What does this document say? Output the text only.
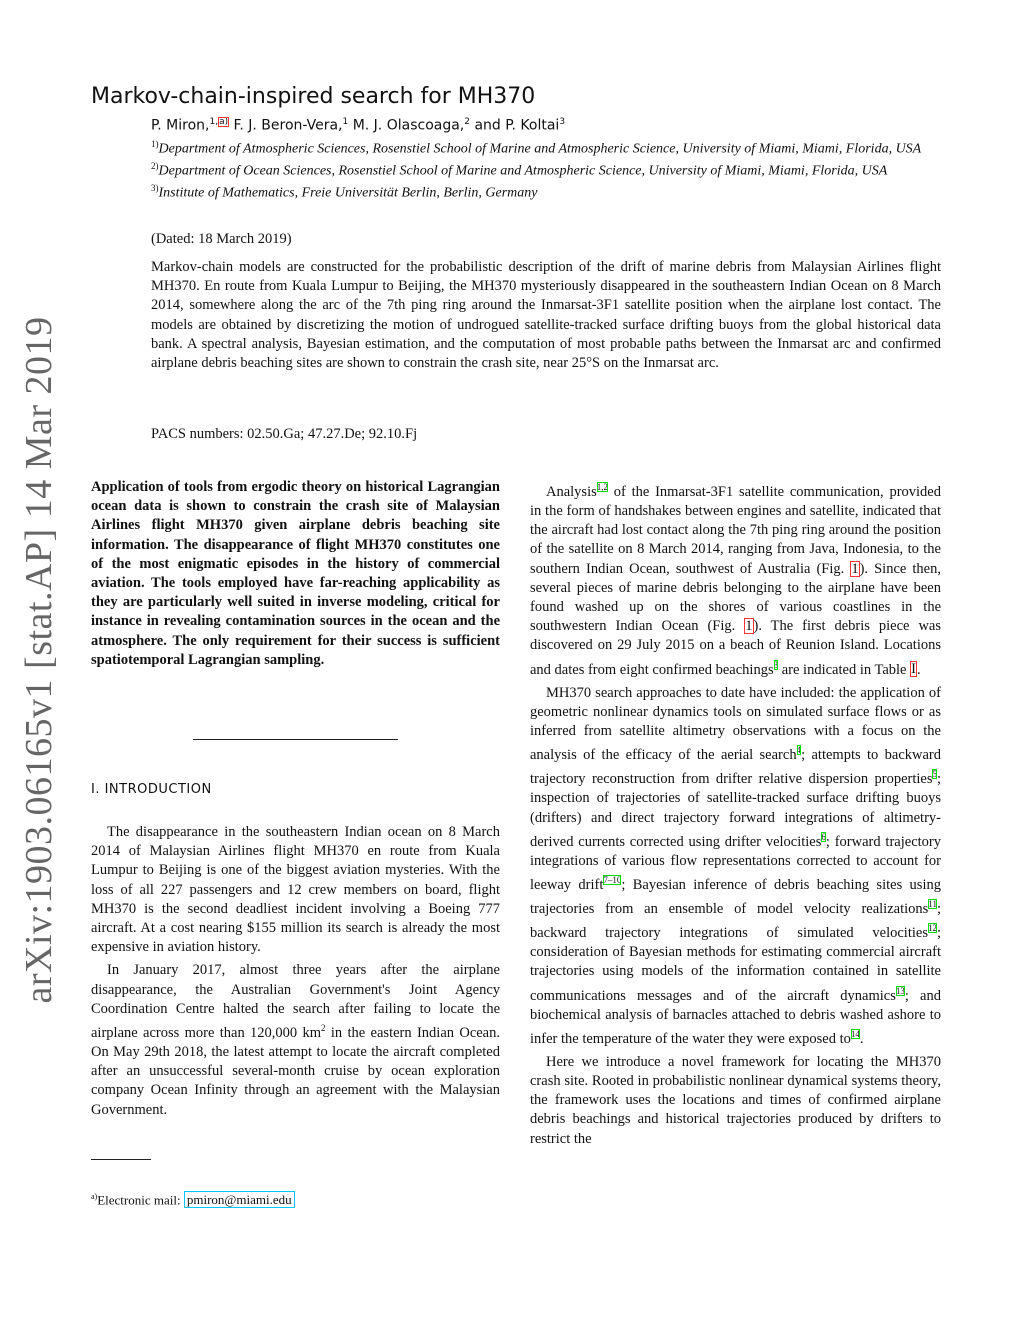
arXiv:1903.06165v1 [stat.AP] 14 Mar 2019
Markov-chain-inspired search for MH370
P. Miron,$^{1,a)}$ F. J. Beron-Vera,$^1$ M. J. Olascoaga,$^2$ and P. Koltai$^3$

$^{1)}$Department of Atmospheric Sciences, Rosenstiel School of Marine and Atmospheric Science, University of Miami, Miami, Florida, USA

$^{2)}$Department of Ocean Sciences, Rosenstiel School of Marine and Atmospheric Science, University of Miami, Miami, Florida, USA

$^{3)}$Institute of Mathematics, Freie Universität Berlin, Berlin, Germany

(Dated: 18 March 2019)

Markov-chain models are constructed for the probabilistic description of the drift of marine debris from Malaysian Airlines flight MH370. En route from Kuala Lumpur to Beijing, the MH370 mysteriously disappeared in the southeastern Indian Ocean on 8 March 2014, somewhere along the arc of the 7th ping ring around the Inmarsat-3F1 satellite position when the airplane lost contact. The models are obtained by discretizing the motion of undrogued satellite-tracked surface drifting buoys from the global historical data bank. A spectral analysis, Bayesian estimation, and the computation of most probable paths between the Inmarsat arc and confirmed airplane debris beaching sites are shown to constrain the crash site, near 25°S on the Inmarsat arc.

PACS numbers: 02.50.Ga; 47.27.De; 92.10.Fj

Application of tools from ergodic theory on historical Lagrangian ocean data is shown to constrain the crash site of Malaysian Airlines flight MH370 given airplane debris beaching site information. The disappearance of flight MH370 constitutes one of the most enigmatic episodes in the history of commercial aviation. The tools employed have far-reaching applicability as they are particularly well suited in inverse modeling, critical for instance in revealing contamination sources in the ocean and the atmosphere. The only requirement for their success is sufficient spatiotemporal Lagrangian sampling.

I. INTRODUCTION

The disappearance in the southeastern Indian ocean on 8 March 2014 of Malaysian Airlines flight MH370 en route from Kuala Lumpur to Beijing is one of the biggest aviation mysteries. With the loss of all 227 passengers and 12 crew members on board, flight MH370 is the second deadliest incident involving a Boeing 777 aircraft. At a cost nearing $155 million its search is already the most expensive in aviation history.

In January 2017, almost three years after the airplane disappearance, the Australian Government's Joint Agency Coordination Centre halted the search after failing to locate the airplane across more than 120,000 $km^2$ in the eastern Indian Ocean. On May 29th 2018, the latest attempt to locate the aircraft completed after an unsuccessful several-month cruise by ocean exploration company Ocean Infinity through an agreement with the Malaysian Government.

$^{a)}$Electronic mail: pmiron@miami.edu

Analysis$^{1,2}$ of the Inmarsat-3F1 satellite communication, provided in the form of handshakes between engines and satellite, indicated that the aircraft had lost contact along the 7th ping ring around the position of the satellite on 8 March 2014, ranging from Java, Indonesia, to the southern Indian Ocean, southwest of Australia (Fig. 1). Since then, several pieces of marine debris belonging to the airplane have been found washed up on the shores of various coastlines in the southwestern Indian Ocean (Fig. 1). The first debris piece was discovered on 29 July 2015 on a beach of Reunion Island. Locations and dates from eight confirmed beachings$^3$ are indicated in Table I.

MH370 search approaches to date have included: the application of geometric nonlinear dynamics tools on simulated surface flows or as inferred from satellite altimetry observations with a focus on the analysis of the efficacy of the aerial search$^4$; attempts to backward trajectory reconstruction from drifter relative dispersion properties$^5$; inspection of trajectories of satellite-tracked surface drifting buoys (drifters) and direct trajectory forward integrations of altimetry-derived currents corrected using drifter velocities$^6$; forward trajectory integrations of various flow representations corrected to account for leeway drift$^{7-10}$; Bayesian inference of debris beaching sites using trajectories from an ensemble of model velocity realizations$^{11}$; backward trajectory integrations of simulated velocities$^{12}$; consideration of Bayesian methods for estimating commercial aircraft trajectories using models of the information contained in satellite communications messages and of the aircraft dynamics$^{13}$; and biochemical analysis of barnacles attached to debris washed ashore to infer the temperature of the water they were exposed to$^{14}$.

Here we introduce a novel framework for locating the MH370 crash site. Rooted in probabilistic nonlinear dynamical systems theory, the framework uses the locations and times of confirmed airplane debris beachings and historical trajectories produced by drifters to restrict the
